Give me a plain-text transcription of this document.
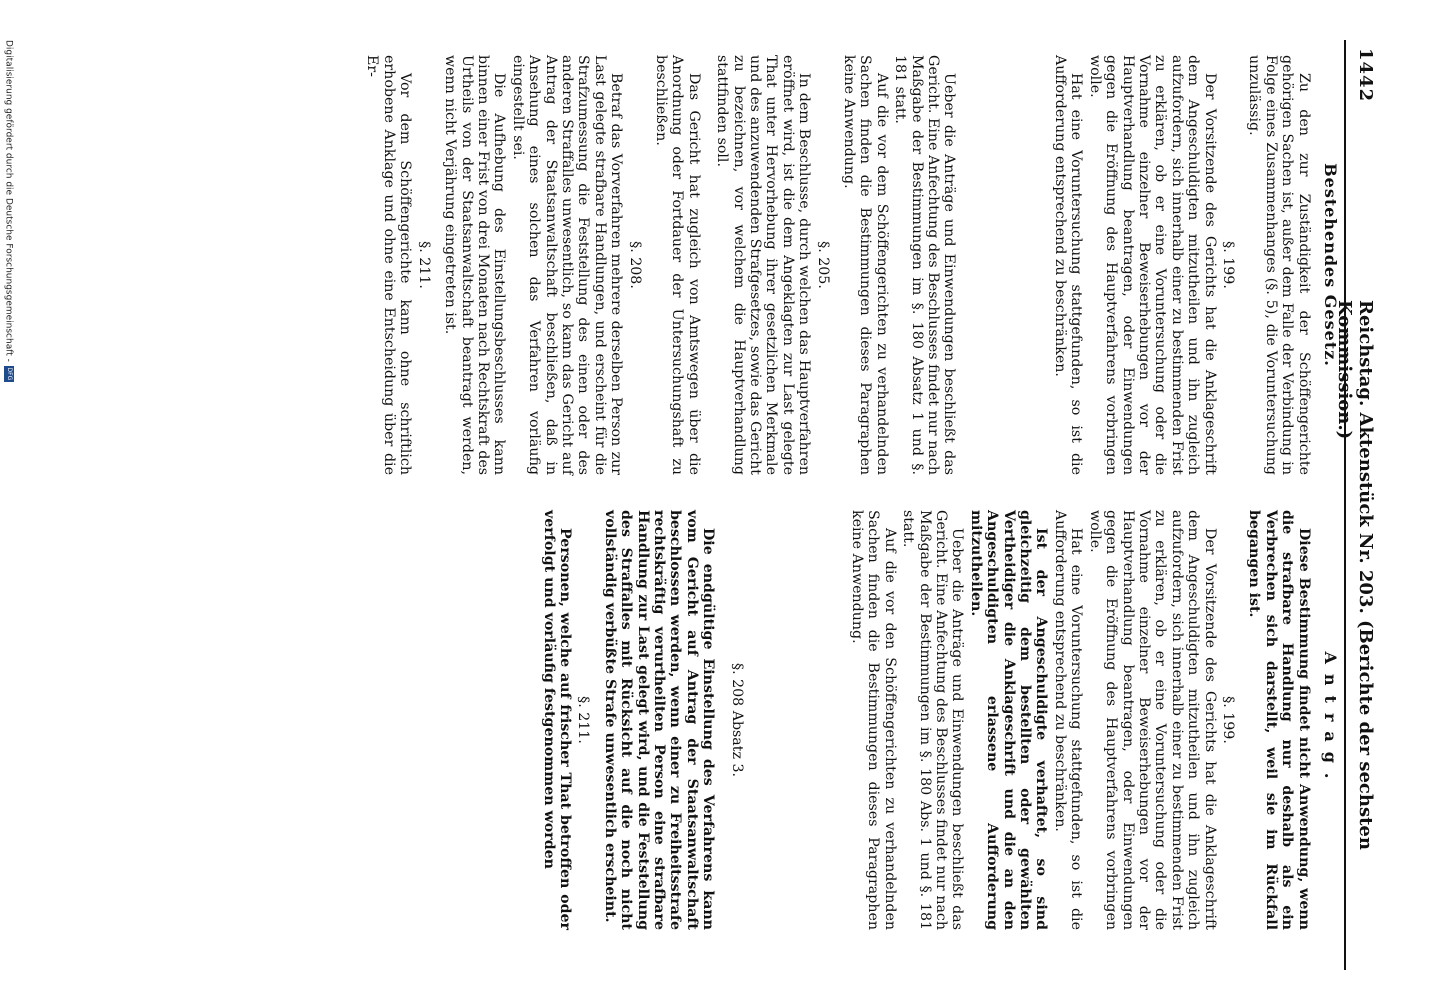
1442
Reichstag. Aktenstück Nr. 203. (Berichte der sechsten Kommission.)
Bestehendes Gesetz.

Zu den zur Zuständigkeit der Schöffengerichte gehörigen Sachen ist, außer dem Falle der Verbindung in Folge eines Zusammenhanges (§. 5), die Voruntersuchung unzulässig.

§. 199.

Der Vorsitzende des Gerichts hat die Anklageschrift dem Angeschuldigten mitzutheilen und ihn zugleich aufzufordern, sich innerhalb einer zu bestimmenden Frist zu erklären, ob er eine Voruntersuchung oder die Vornahme einzelner Beweiserhebungen vor der Hauptverhandlung beantragen, oder Einwendungen gegen die Eröffnung des Hauptverfahrens vorbringen wolle.

Hat eine Voruntersuchung stattgefunden, so ist die Aufforderung entsprechend zu beschränken.

Ueber die Anträge und Einwendungen beschließt das Gericht. Eine Anfechtung des Beschlusses findet nur nach Maßgabe der Bestimmungen im §. 180 Absatz 1 und §. 181 statt.

Auf die vor dem Schöffengerichten zu verhandelnden Sachen finden die Bestimmungen dieses Paragraphen keine Anwendung.

§. 205.

In dem Beschlusse, durch welchen das Hauptverfahren eröffnet wird, ist die dem Angeklagten zur Last gelegte That unter Hervorhebung ihrer gesetzlichen Merkmale und des anzuwendenden Strafgesetzes, sowie das Gericht zu bezeichnen, vor welchem die Hauptverhandlung stattfinden soll.

Das Gericht hat zugleich von Amtswegen über die Anordnung oder Fortdauer der Untersuchungshaft zu beschließen.

§. 208.

Betraf das Vorverfahren mehrere derselben Person zur Last gelegte strafbare Handlungen, und erscheint für die Strafzumessung die Feststellung des einen oder des anderen Straffalles unwesentlich, so kann das Gericht auf Antrag der Staatsanwaltschaft beschließen, daß in Ansehung eines solchen das Verfahren vorläufig eingestellt sei.

Die Aufhebung des Einstellungsbeschlusses kann binnen einer Frist von drei Monaten nach Rechtskraft des Urtheils von der Staatsanwaltschaft beantragt werden, wenn nicht Verjährung eingetreten ist.

§. 211.

Vor dem Schöffengerichte kann ohne schriftlich erhobene Anklage und ohne eine Entscheidung über die Er-

Antrag.

Diese Bestimmung findet nicht Anwendung, wenn die strafbare Handlung nur deshalb als ein Verbrechen sich darstellt, weil sie im Rückfall begangen ist.

§. 199.

Der Vorsitzende des Gerichts hat die Anklageschrift dem Angeschuldigten mitzutheilen und ihn zugleich aufzufordern, sich innerhalb einer zu bestimmenden Frist zu erklären, ob er eine Voruntersuchung oder die Vornahme einzelner Beweiserhebungen vor der Hauptverhandlung beantragen, oder Einwendungen gegen die Eröffnung des Hauptverfahrens vorbringen wolle.

Hat eine Voruntersuchung stattgefunden, so ist die Aufforderung entsprechend zu beschränken.

Ist der Angeschuldigte verhaftet, so sind gleichzeitig dem bestellten oder gewählten Vertheidiger die Anklageschrift und die an den Angeschuldigten erlassene Aufforderung mitzutheilen.

Ueber die Anträge und Einwendungen beschließt das Gericht. Eine Anfechtung des Beschlusses findet nur nach Maßgabe der Bestimmungen im §. 180 Abs. 1 und §. 181 statt.

Auf die vor den Schöffengerichten zu verhandelnden Sachen finden die Bestimmungen dieses Paragraphen keine Anwendung.

§. 208 Absatz 3.

Die endgültige Einstellung des Verfahrens kann vom Gericht auf Antrag der Staatsanwaltschaft beschlossen werden, wenn einer zu Freiheitsstrafe rechtskräftig verurtheilten Person eine strafbare Handlung zur Last gelegt wird, und die Feststellung des Straffalles mit Rücksicht auf die noch nicht vollständig verbüßte Strafe unwesentlich erscheint.

§. 211.

Personen, welche auf frischer That betroffen oder verfolgt und vorläufig festgenommen worden

Digitalisierung gefördert durch die Deutsche Forschungsgemeinschaft -DFG
